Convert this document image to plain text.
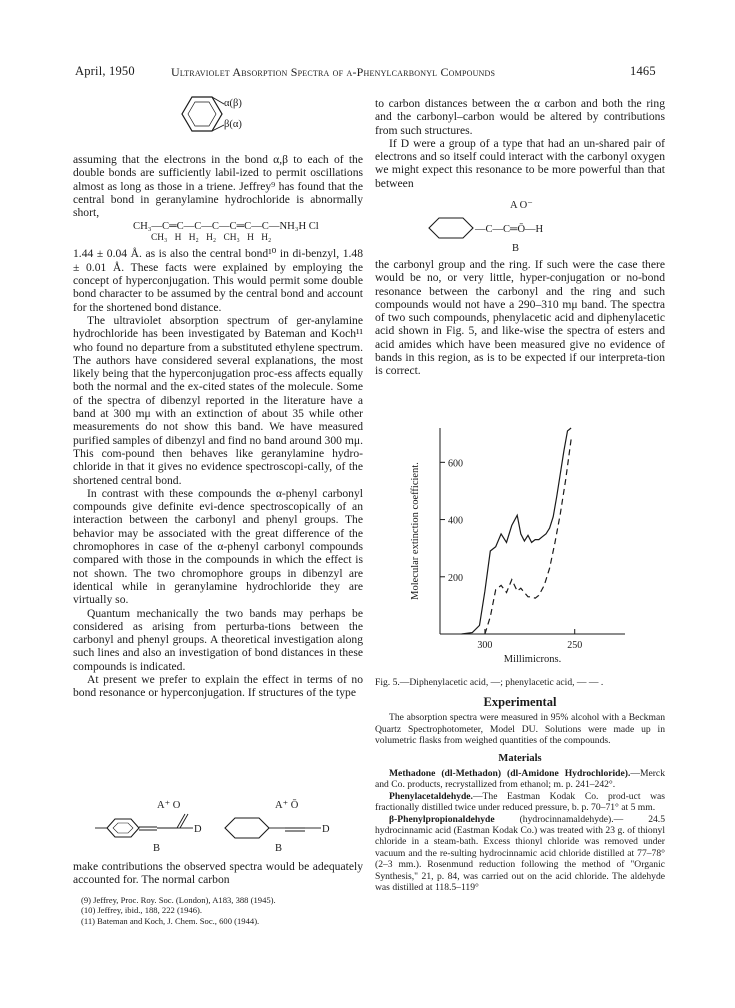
April, 1950	Ultraviolet Absorption Spectra of α-Phenylcarbonyl Compounds	1465
α(β)
β(α)

assuming that the electrons in the bond α,β to each of the double bonds are sufficiently labil-ized to permit oscillations almost as long as those in a triene. Jeffrey⁹ has found that the central bond in geranylamine hydrochloride is abnormally short,

CH₃—C═C—C—C—C═C—C—NH₃H Cl
CH₃ H H₂ H₂ CH₃ H H₂

1.44 ± 0.04 Å. as is also the central bond¹⁰ in di-benzyl, 1.48 ± 0.01 Å. These facts were explained by employing the concept of hyperconjugation. This would permit some double bond character to be assumed by the central bond and account for the shortened bond distance.

The ultraviolet absorption spectrum of ger-anylamine hydrochloride has been investigated by Bateman and Koch¹¹ who found no departure from a substituted ethylene spectrum. The authors have considered several explanations, the most likely being that the hyperconjugation proc-ess affects equally both the normal and the ex-cited states of the molecule. Some of the spectra of dibenzyl reported in the literature have a band at 300 mμ with an extinction of about 35 while other measurements do not show this band. We have measured purified samples of dibenzyl and find no band around 300 mμ. This com-pound then behaves like geranylamine hydro-chloride in that it gives no evidence spectroscopi-cally, of the shortened central bond.

In contrast with these compounds the α-phenyl carbonyl compounds give definite evi-dence spectroscopically of an interaction between the carbonyl and phenyl groups. The behavior may be associated with the great difference of the chromophores in case of the α-phenyl carbonyl compounds compared with those in the compounds in which the effect is not shown. The two chromophore groups in dibenzyl are identical while in geranylamine hydrochloride they are virtually so.

Quantum mechanically the two bands may perhaps be considered as arising from perturba-tions between the carbonyl and phenyl groups. A theoretical investigation along such lines and also an investigation of bond distances in these compounds is indicated.

At present we prefer to explain the effect in terms of no bond resonance or hyperconjugation. If structures of the type

A⁺ O
D
B
A⁺ Ō
D
B

make contributions the observed spectra would be adequately accounted for. The normal carbon

(9) Jeffrey, Proc. Roy. Soc. (London), A183, 388 (1945).
(10) Jeffrey, ibid., 188, 222 (1946).
(11) Bateman and Koch, J. Chem. Soc., 600 (1944).

to carbon distances between the α carbon and both the ring and the carbonyl–carbon would be altered by contributions from such structures.

If D were a group of a type that had an un-shared pair of electrons and so itself could interact with the carbonyl oxygen we might expect this resonance to be more powerful than that between

A O⁻
—C—C═Ō—H
B

the carbonyl group and the ring. If such were the case there would be no, or very little, hyper-conjugation or no-bond resonance between the carbonyl and the ring and such compounds would not have a 290–310 mμ band. The spectra of two such compounds, phenylacetic acid and diphenylacetic acid shown in Fig. 5, and like-wise the spectra of esters and acid amides which have been measured give no evidence of bands in this region, as is to be expected if our interpreta-tion is correct.

200
400
600
300	250
Millimicrons.
Molecular extinction coefficient.
Fig. 5.—Diphenylacetic acid, —; phenylacetic acid, — — .
Experimental

The absorption spectra were measured in 95% alcohol with a Beckman Quartz Spectrophotometer, Model DU. Solutions were made up in volumetric flasks from weighed quantities of the compounds.

Materials

Methadone (dl-Methadon) (dl-Amidone Hydrochloride).—Merck and Co. products, recrystallized from ethanol; m. p. 241–242°.

Phenylacetaldehyde.—The Eastman Kodak Co. prod-uct was fractionally distilled twice under reduced pressure, b. p. 70–71° at 5 mm.

β-Phenylpropionaldehyde	(hydrocinnamaldehyde).— 24.5 hydrocinnamic acid (Eastman Kodak Co.) was treated with 23 g. of thionyl chloride in a steam-bath. Excess thionyl chloride was removed under vacuum and the re-sulting hydrocinnamic acid chloride distilled at 77–78° (2–3 mm.). Rosenmund reduction following the method of "Organic Synthesis," 21, p. 84, was carried out on the acid chloride. The aldehyde was distilled at 118.5–119°
